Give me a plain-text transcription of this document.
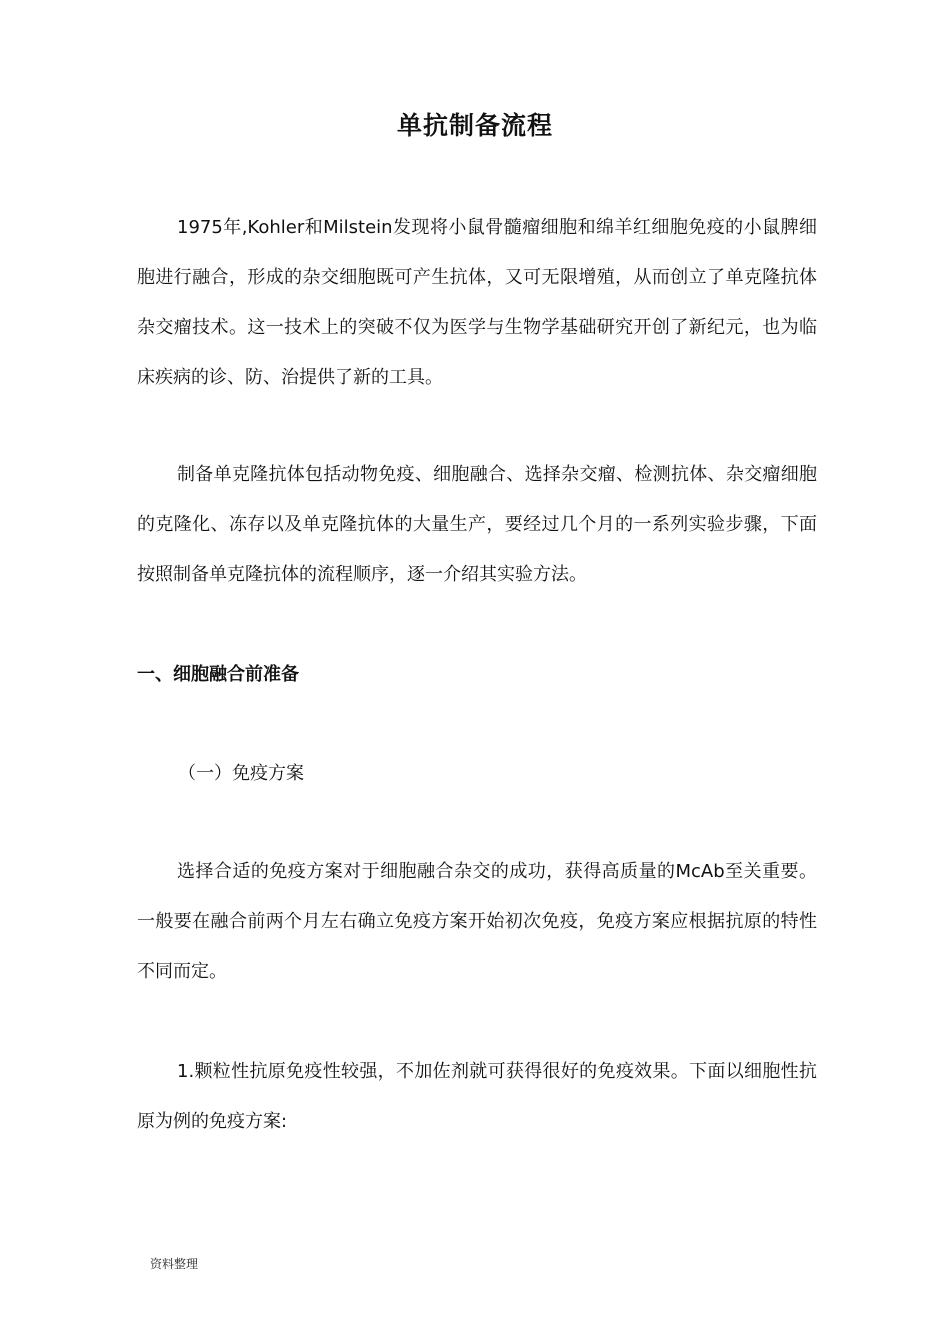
单抗制备流程

1975年,Kohler和Milstein发现将小鼠骨髓瘤细胞和绵羊红细胞免疫的小鼠脾细胞进行融合，形成的杂交细胞既可产生抗体，又可无限增殖，从而创立了单克隆抗体杂交瘤技术。这一技术上的突破不仅为医学与生物学基础研究开创了新纪元，也为临床疾病的诊、防、治提供了新的工具。

制备单克隆抗体包括动物免疫、细胞融合、选择杂交瘤、检测抗体、杂交瘤细胞的克隆化、冻存以及单克隆抗体的大量生产，要经过几个月的一系列实验步骤，下面按照制备单克隆抗体的流程顺序，逐一介绍其实验方法。

一、细胞融合前准备
（一）免疫方案

选择合适的免疫方案对于细胞融合杂交的成功，获得高质量的McAb至关重要。一般要在融合前两个月左右确立免疫方案开始初次免疫，免疫方案应根据抗原的特性不同而定。

1.颗粒性抗原免疫性较强，不加佐剂就可获得很好的免疫效果。下面以细胞性抗原为例的免疫方案:

资料整理
